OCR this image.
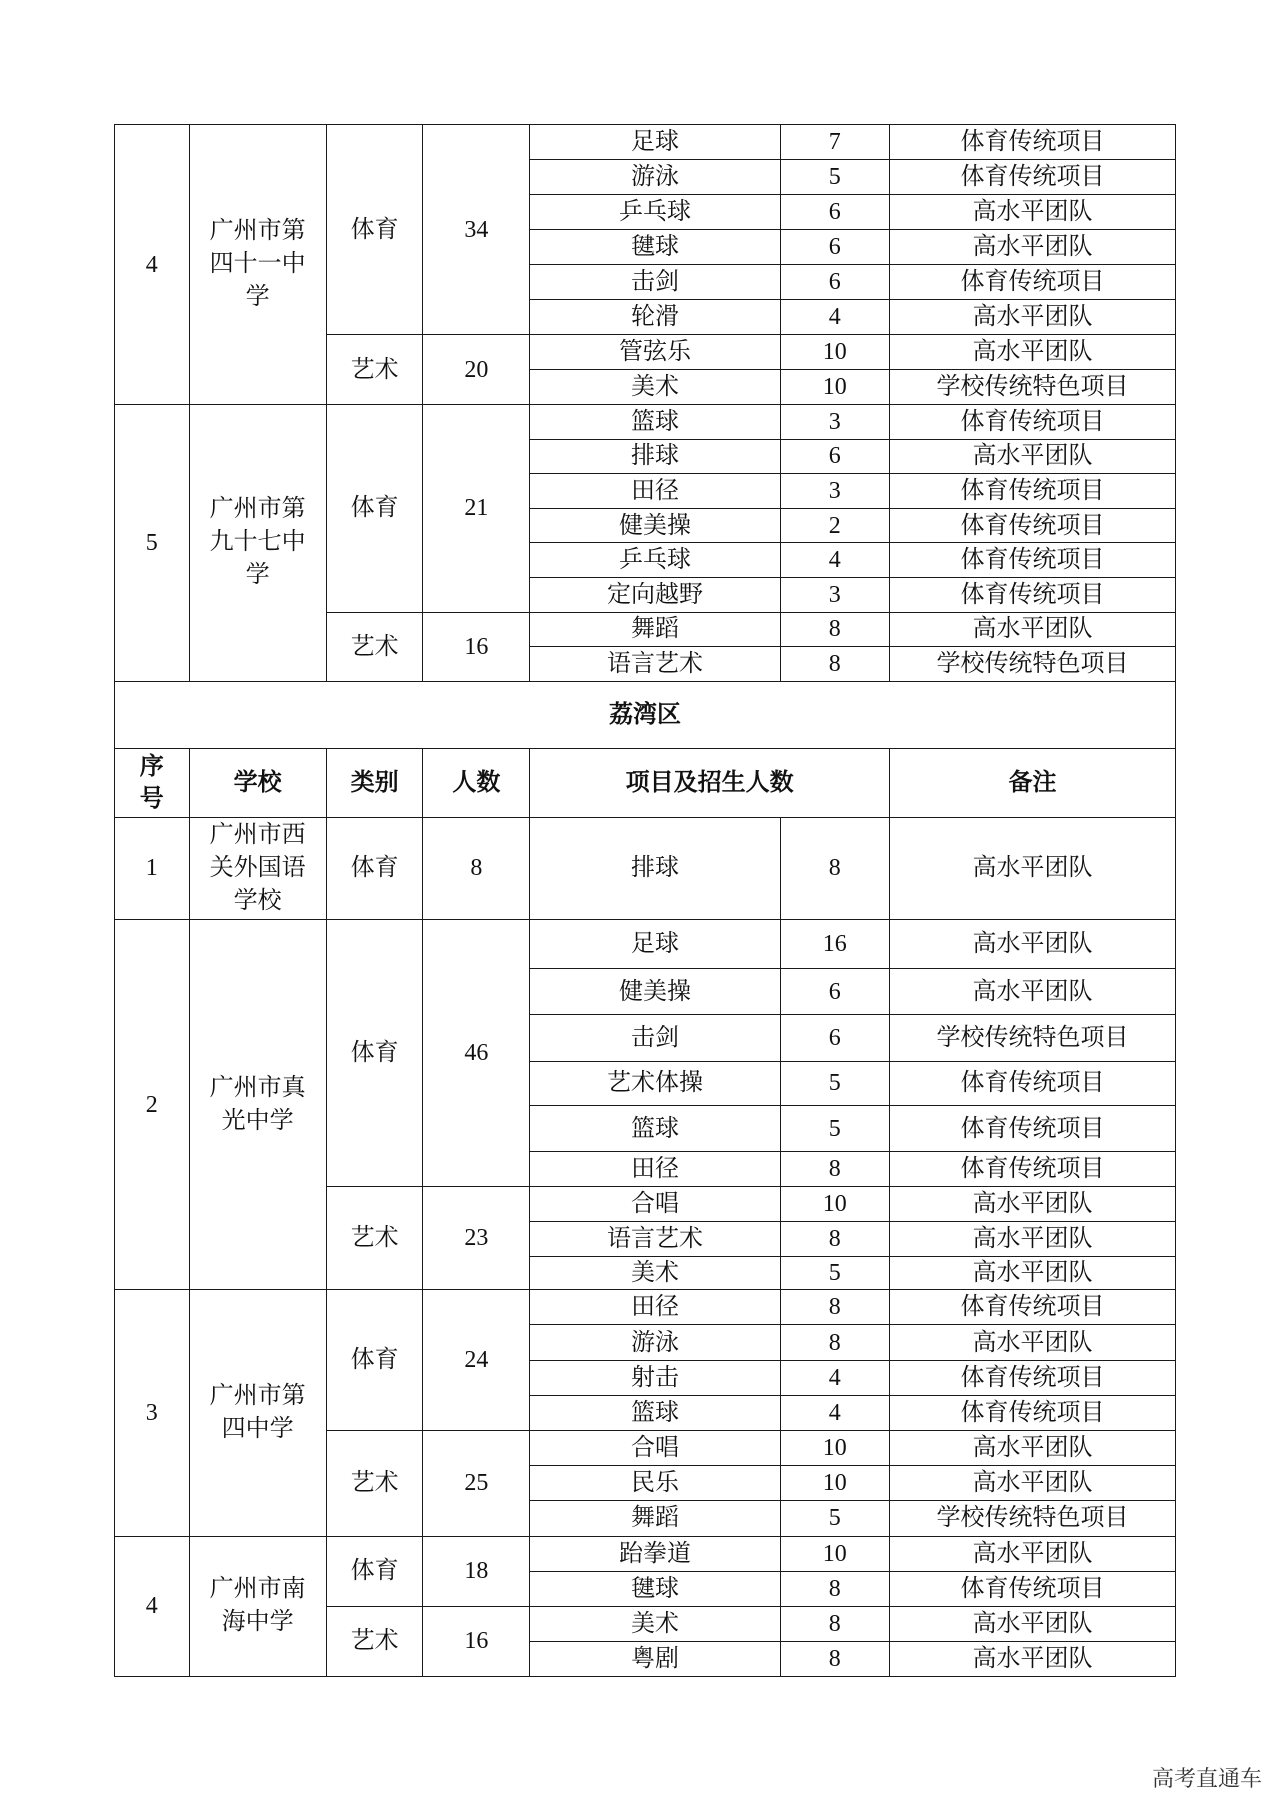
4	广州市第四十一中学	体育	34	足球	7	体育传统项目
				游泳	5	体育传统项目
				乒乓球	6	高水平团队
				毽球	6	高水平团队
				击剑	6	体育传统项目
				轮滑	4	高水平团队
		艺术	20	管弦乐	10	高水平团队
				美术	10	学校传统特色项目
5	广州市第九十七中学	体育	21	篮球	3	体育传统项目
				排球	6	高水平团队
				田径	3	体育传统项目
				健美操	2	体育传统项目
				乒乓球	4	体育传统项目
				定向越野	3	体育传统项目
		艺术	16	舞蹈	8	高水平团队
				语言艺术	8	学校传统特色项目
荔湾区						
序号	学校	类别	人数	项目及招生人数		备注
1	广州市西关外国语学校	体育	8	排球	8	高水平团队
2	广州市真光中学	体育	46	足球	16	高水平团队
				健美操	6	高水平团队
				击剑	6	学校传统特色项目
				艺术体操	5	体育传统项目
				篮球	5	体育传统项目
				田径	8	体育传统项目
		艺术	23	合唱	10	高水平团队
				语言艺术	8	高水平团队
				美术	5	高水平团队
3	广州市第四中学	体育	24	田径	8	体育传统项目
				游泳	8	高水平团队
				射击	4	体育传统项目
				篮球	4	体育传统项目
		艺术	25	合唱	10	高水平团队
				民乐	10	高水平团队
				舞蹈	5	学校传统特色项目
4	广州市南海中学	体育	18	跆拳道	10	高水平团队
				毽球	8	体育传统项目
		艺术	16	美术	8	高水平团队
				粤剧	8	高水平团队
高考直通车
